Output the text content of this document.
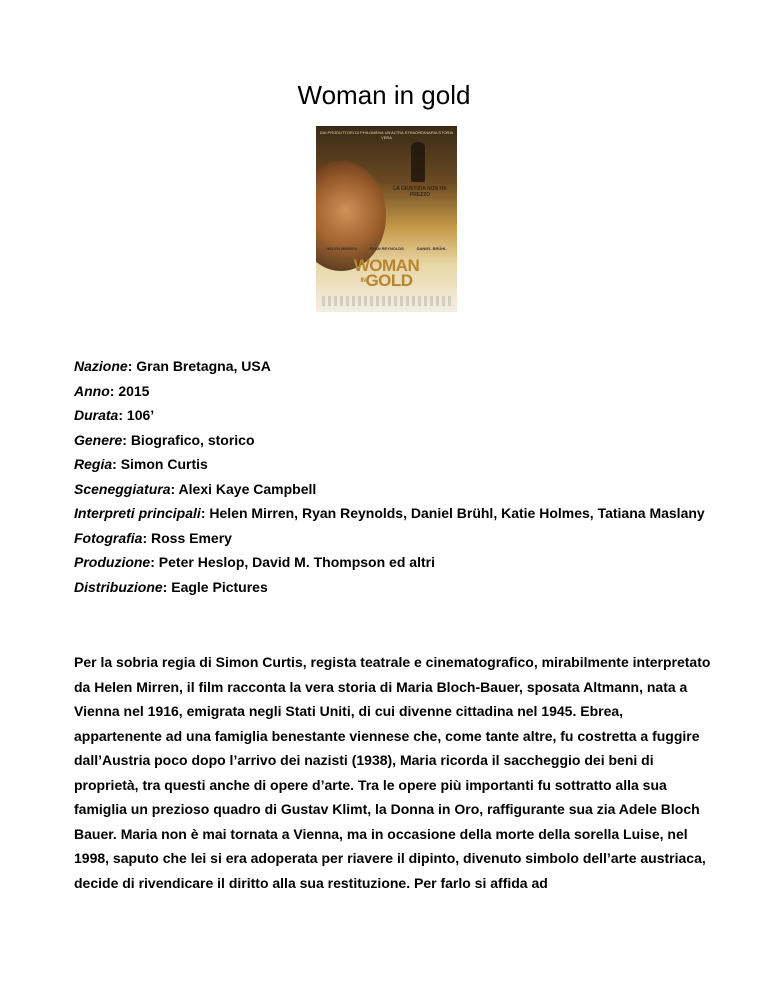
Woman in gold
DAI PRODUTTORI DI PHILOMENA UN'ALTRA STRAORDINARIA STORIA VERA
LA GIUSTIZIA NON HA PREZZO
HELEN MIRREN	RYAN REYNOLDS	DANIEL BRÜHL
WOMAN
INGOLD
Nazione: Gran Bretagna, USA
Anno: 2015
Durata: 106’
Genere: Biografico, storico
Regia: Simon Curtis
Sceneggiatura: Alexi Kaye Campbell
Interpreti principali: Helen Mirren, Ryan Reynolds, Daniel Brühl, Katie Holmes, Tatiana Maslany
Fotografia: Ross Emery
Produzione: Peter Heslop, David M. Thompson ed altri
Distribuzione: Eagle Pictures

Per la sobria regia di Simon Curtis, regista teatrale e cinematografico, mirabilmente interpretato da Helen Mirren, il film racconta la vera storia di Maria Bloch-Bauer, sposata Altmann, nata a Vienna nel 1916, emigrata negli Stati Uniti, di cui divenne cittadina nel 1945. Ebrea, appartenente ad una famiglia benestante viennese che, come tante altre, fu costretta a fuggire dall’Austria poco dopo l’arrivo dei nazisti (1938), Maria ricorda il saccheggio dei beni di proprietà, tra questi anche di opere d’arte. Tra le opere più importanti fu sottratto alla sua famiglia un prezioso quadro di Gustav Klimt, la Donna in Oro, raffigurante sua zia Adele Bloch Bauer. Maria non è mai tornata a Vienna, ma in occasione della morte della sorella Luise, nel 1998, saputo che lei si era adoperata per riavere il dipinto, divenuto simbolo dell’arte austriaca, decide di rivendicare il diritto alla sua restituzione. Per farlo si affida ad
